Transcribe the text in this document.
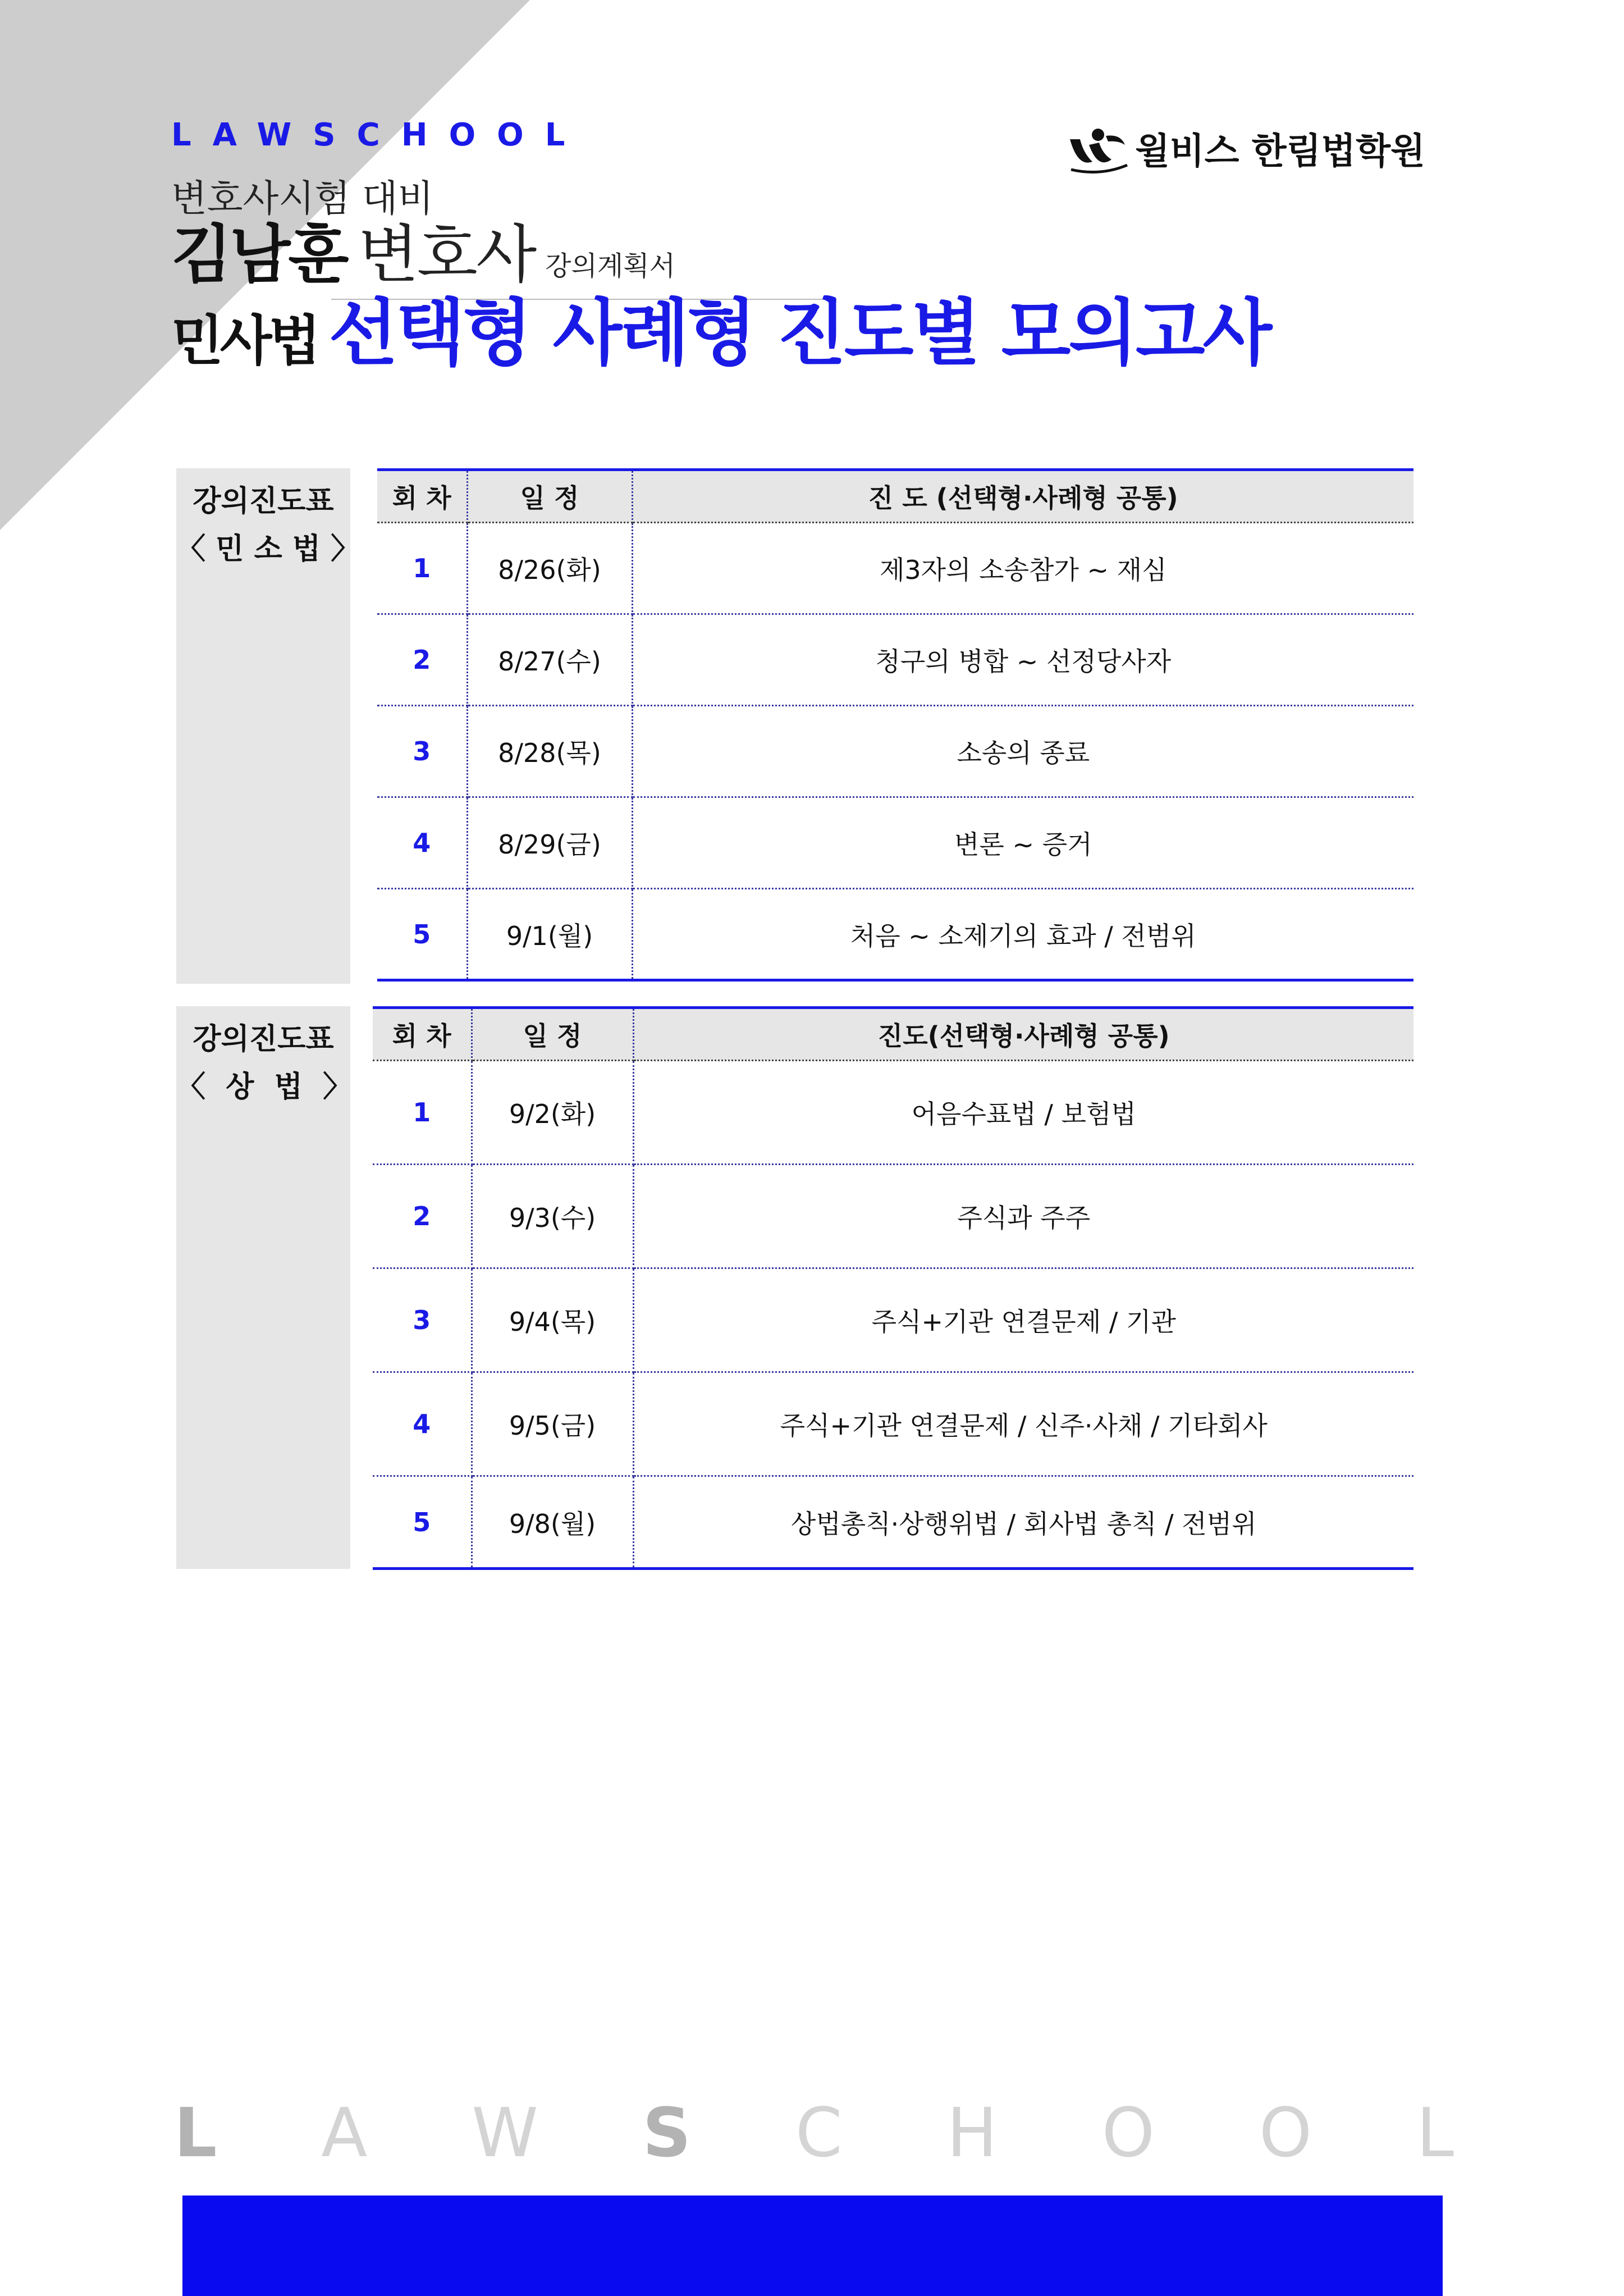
LAWSCHOOL	윌비스 한림법학원
변호사시험 대비
김남훈 변호사 강의계획서
민사법 선택형 사례형 진도별 모의고사
강의진도표
〈 민 소 법 〉
회 차	일 정	진 도 (선택형·사례형 공통)
1	8/26(화)	제3자의 소송참가 ~ 재심
2	8/27(수)	청구의 병합 ~ 선정당사자
3	8/28(목)	소송의 종료
4	8/29(금)	변론 ~ 증거
5	9/1(월)	처음 ~ 소제기의 효과 / 전범위
강의진도표
〈  상  법  〉
회 차	일 정	진도(선택형·사례형 공통)
1	9/2(화)	어음수표법 / 보험법
2	9/3(수)	주식과 주주
3	9/4(목)	주식+기관 연결문제 / 기관
4	9/5(금)	주식+기관 연결문제 / 신주·사채 / 기타회사
5	9/8(월)	상법총칙·상행위법 / 회사법 총칙 / 전범위
L A W S C H O O L
